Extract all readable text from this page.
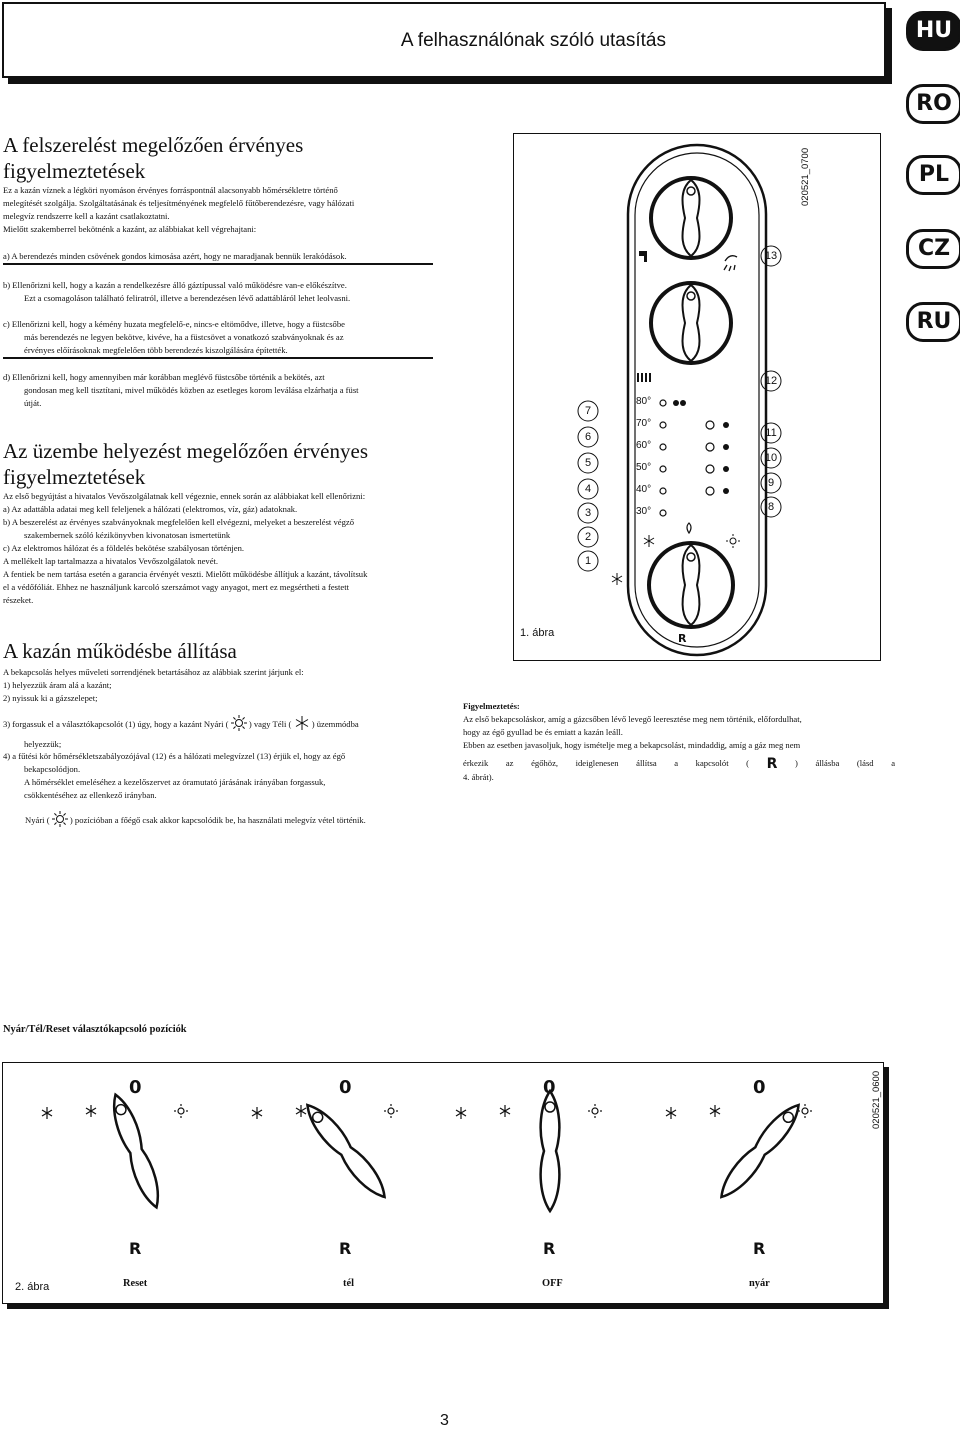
A felhasználónak szóló utasítás	HU
RO
PL
CZ
RU
A felszerelést megelőzően érvényes
figyelmeztetések
Ez a kazán víznek a légköri nyomáson érvényes forráspontnál alacsonyabb hőmérsékletre történő
melegítését szolgálja. Szolgáltatásának és teljesítményének megfelelő fűtőberendezésre, vagy hálózati
melegvíz rendszerre kell a kazánt csatlakoztatni.
Mielőtt szakemberrel bekötnénk a kazánt, az alábbiakat kell végrehajtani:
a) A berendezés minden csövének gondos kimosása azért, hogy ne maradjanak bennük lerakódások.
b) Ellenőrizni kell, hogy a kazán a rendelkezésre álló gáztípussal való működésre van-e előkészítve.
Ezt a csomagoláson található feliratról, illetve a berendezésen lévő adattábláról lehet leolvasni.
c) Ellenőrizni kell, hogy a kémény huzata megfelelő-e, nincs-e eltömődve, illetve, hogy a füstcsőbe
más berendezés ne legyen bekötve, kivéve, ha a füstcsövet a vonatkozó szabványoknak és az
érvényes előírásoknak megfelelően több berendezés kiszolgálására építették.
d) Ellenőrizni kell, hogy amennyiben már korábban meglévő füstcsőbe történik a bekötés, azt
gondosan meg kell tisztítani, mivel működés közben az esetleges korom leválása elzárhatja a füst
útját.
Az üzembe helyezést megelőzően érvényes
figyelmeztetések
Az első begyújtást a hivatalos Vevőszolgálatnak kell végeznie, ennek során az alábbiakat kell ellenőrizni:
a) Az adattábla adatai meg kell feleljenek a hálózati (elektromos, víz, gáz) adatoknak.
b) A beszerelést az érvényes szabványoknak megfelelően kell elvégezni, melyeket a beszerelést végző
szakembernek szóló kézikönyvben kivonatosan ismertetünk
c) Az elektromos hálózat és a földelés bekötése szabályosan történjen.
A mellékelt lap tartalmazza a hivatalos Vevőszolgálatok nevét.
A fentiek be nem tartása esetén a garancia érvényét veszti. Mielőtt működésbe állítjuk a kazánt, távolítsuk
el a védőfóliát. Ehhez ne használjunk karcoló szerszámot vagy anyagot, mert ez megsértheti a festett
részeket.
A kazán működésbe állítása
A bekapcsolás helyes műveleti sorrendjének betartásához az alábbiak szerint járjunk el:
1) helyezzük áram alá a kazánt;
2) nyissuk ki a gázszelepet;
3) forgassuk el a választókapcsolót (1) úgy, hogy a kazánt Nyári ( ) vagy Téli ( ) üzemmódba
helyezzük;
4) a fűtési kör hőmérsékletszabályozójával (12) és a hálózati melegvízzel (13) érjük el, hogy az égő
bekapcsolódjon.
A hőmérséklet emeléséhez a kezelőszervet az óramutató járásának irányában forgassuk,
csökkentéséhez az ellenkező irányban.
Nyári ( ) pozícióban a főégő csak akkor kapcsolódik be, ha használati melegvíz vétel történik.
Figyelmeztetés:
Az első bekapcsoláskor, amíg a gázcsőben lévő levegő leeresztése meg nem történik, előfordulhat,
hogy az égő gyullad be és emiatt a kazán leáll.
Ebben az esetben javasoljuk, hogy ismételje meg a bekapcsolást, mindaddig, amíg a gáz meg nem
érkezik az égőhöz, ideiglenesen állítsa a kapcsolót ( R ) állásba (lásd a
4. ábrát).
020521_0700
13
12
11
10
9
8
7
6
5
4
3
2
1
80°
70°
60°
50°
40°
30°
1. ábra	R
Nyár/Tél/Reset választókapcsoló pozíciók
020521_0600
0	0	0	0
R	R	R	R
2. ábra	Reset	tél	OFF	nyár
3
